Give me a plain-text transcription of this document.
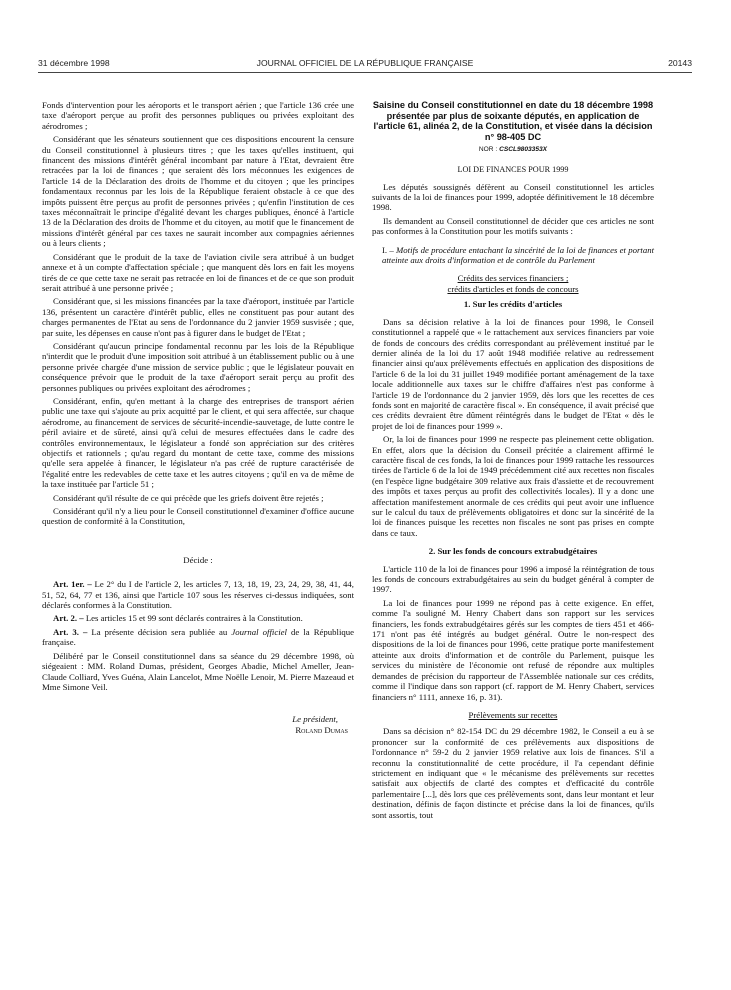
31 décembre 1998	JOURNAL OFFICIEL DE LA RÉPUBLIQUE FRANÇAISE	20143

Fonds d'intervention pour les aéroports et le transport aérien ; que l'article 136 crée une taxe d'aéroport perçue au profit des personnes publiques ou privées exploitant des aérodromes ;

Considérant que les sénateurs soutiennent que ces dispositions encourent la censure du Conseil constitutionnel à plusieurs titres ; que les taxes qu'elles instituent, qui financent des missions d'intérêt général incombant par nature à l'Etat, devraient être retracées par la loi de finances ; que seraient dès lors méconnues les exigences de l'article 14 de la Déclaration des droits de l'homme et du citoyen ; que les principes fondamentaux reconnus par les lois de la République feraient obstacle à ce que des impôts puissent être perçus au profit de personnes privées ; qu'enfin l'institution de ces taxes méconnaîtrait le principe d'égalité devant les charges publiques, énoncé à l'article 13 de la Déclaration des droits de l'homme et du citoyen, au motif que le financement de missions d'intérêt général par ces taxes ne saurait incomber aux compagnies aériennes ou à leurs clients ;

Considérant que le produit de la taxe de l'aviation civile sera attribué à un budget annexe et à un compte d'affectation spéciale ; que manquent dès lors en fait les moyens tirés de ce que cette taxe ne serait pas retracée en loi de finances et de ce que son produit serait attribué à une personne privée ;

Considérant que, si les missions financées par la taxe d'aéroport, instituée par l'article 136, présentent un caractère d'intérêt public, elles ne constituent pas pour autant des charges permanentes de l'Etat au sens de l'ordonnance du 2 janvier 1959 susvisée ; que, par suite, les dépenses en cause n'ont pas à figurer dans le budget de l'Etat ;

Considérant qu'aucun principe fondamental reconnu par les lois de la République n'interdit que le produit d'une imposition soit attribué à un établissement public ou à une personne privée chargée d'une mission de service public ; que le législateur pouvait en conséquence prévoir que le produit de la taxe d'aéroport serait perçu au profit des personnes publiques ou privées exploitant des aérodromes ;

Considérant, enfin, qu'en mettant à la charge des entreprises de transport aérien public une taxe qui s'ajoute au prix acquitté par le client, et qui sera affectée, sur chaque aérodrome, au financement de services de sécurité-incendie-sauvetage, de lutte contre le péril aviaire et de sûreté, ainsi qu'à celui de mesures effectuées dans le cadre des contrôles environnementaux, le législateur a fondé son appréciation sur des critères objectifs et rationnels ; qu'au regard du montant de cette taxe, comme des missions qu'elle sera appelée à financer, le législateur n'a pas créé de rupture caractérisée de l'égalité entre les redevables de cette taxe et les autres citoyens ; qu'il en va de même de la taxe instituée par l'article 51 ;

Considérant qu'il résulte de ce qui précède que les griefs doivent être rejetés ;

Considérant qu'il n'y a lieu pour le Conseil constitutionnel d'examiner d'office aucune question de conformité à la Constitution,

Décide :

Art. 1er. – Le 2° du I de l'article 2, les articles 7, 13, 18, 19, 23, 24, 29, 38, 41, 44, 51, 52, 64, 77 et 136, ainsi que l'article 107 sous les réserves ci-dessus indiquées, sont déclarés conformes à la Constitution.

Art. 2. – Les articles 15 et 99 sont déclarés contraires à la Constitution.

Art. 3. – La présente décision sera publiée au Journal officiel de la République française.

Délibéré par le Conseil constitutionnel dans sa séance du 29 décembre 1998, où siégeaient : MM. Roland Dumas, président, Georges Abadie, Michel Ameller, Jean-Claude Colliard, Yves Guéna, Alain Lancelot, Mme Noëlle Lenoir, M. Pierre Mazeaud et Mme Simone Veil.

Le président,
Roland Dumas

Saisine du Conseil constitutionnel en date du 18 décembre 1998 présentée par plus de soixante députés, en application de l'article 61, alinéa 2, de la Constitution, et visée dans la décision n° 98-405 DC

NOR : CSCL9803353X

LOI DE FINANCES POUR 1999

Les députés soussignés défèrent au Conseil constitutionnel les articles suivants de la loi de finances pour 1999, adoptée définitivement le 18 décembre 1998.

Ils demandent au Conseil constitutionnel de décider que ces articles ne sont pas conformes à la Constitution pour les motifs suivants :

I. – Motifs de procédure entachant la sincérité de la loi de finances et portant atteinte aux droits d'information et de contrôle du Parlement

Crédits des services financiers ;

crédits d'articles et fonds de concours

1. Sur les crédits d'articles

Dans sa décision relative à la loi de finances pour 1998, le Conseil constitutionnel a rappelé que « le rattachement aux services financiers par voie de fonds de concours des crédits correspondant au prélèvement institué par le dernier alinéa de la loi du 17 août 1948 modifiée relative au redressement financier ainsi qu'aux prélèvements effectués en application des dispositions de l'article 6 de la loi du 31 juillet 1949 modifiée portant aménagement de la taxe locale additionnelle aux taxes sur le chiffre d'affaires n'est pas conforme à l'article 19 de l'ordonnance du 2 janvier 1959, dès lors que les recettes de ces fonds sont en majorité de caractère fiscal ». En conséquence, il avait précisé que ces crédits devraient être dûment réintégrés dans le budget de l'Etat « dès le projet de loi de finances pour 1999 ».

Or, la loi de finances pour 1999 ne respecte pas pleinement cette obligation. En effet, alors que la décision du Conseil précitée a clairement affirmé le caractère fiscal de ces fonds, la loi de finances pour 1999 rattache les ressources tirées de l'article 6 de la loi de 1949 précédemment cité aux recettes non fiscales (en l'espèce ligne budgétaire 309 relative aux frais d'assiette et de recouvrement des impôts et taxes perçus au profit des collectivités locales). Il y a donc une affectation manifestement anormale de ces crédits qui peut avoir une influence sur le calcul du taux de prélèvements obligatoires et donc sur la sincérité de la loi de finances puisque les recettes non fiscales ne sont pas prises en compte dans ce taux.

2. Sur les fonds de concours extrabudgétaires

L'article 110 de la loi de finances pour 1996 a imposé la réintégration de tous les fonds de concours extrabudgétaires au sein du budget général à compter de 1997.

La loi de finances pour 1999 ne répond pas à cette exigence. En effet, comme l'a souligné M. Henry Chabert dans son rapport sur les services financiers, les fonds extrabudgétaires gérés sur les comptes de tiers 451 et 466-171 n'ont pas été intégrés au budget général. Outre le non-respect des dispositions de la loi de finances pour 1996, cette pratique porte manifestement atteinte aux droits d'information et de contrôle du Parlement, puisque les services du ministère de l'économie ont refusé de répondre aux multiples demandes de précision du rapporteur de l'Assemblée nationale sur ces crédits, comme il l'indique dans son rapport (cf. rapport de M. Henry Chabert, services financiers n° 1111, annexe 16, p. 31).

Prélèvements sur recettes

Dans sa décision n° 82-154 DC du 29 décembre 1982, le Conseil a eu à se prononcer sur la conformité de ces prélèvements aux dispositions de l'ordonnance n° 59-2 du 2 janvier 1959 relative aux lois de finances. S'il a reconnu la constitutionnalité de cette procédure, il l'a cependant définie strictement en indiquant que « le mécanisme des prélèvements sur recettes satisfait aux objectifs de clarté des comptes et d'efficacité du contrôle parlementaire [...], dès lors que ces prélèvements sont, dans leur montant et leur destination, définis de façon distincte et précise dans la loi de finances, qu'ils sont assortis, tout
